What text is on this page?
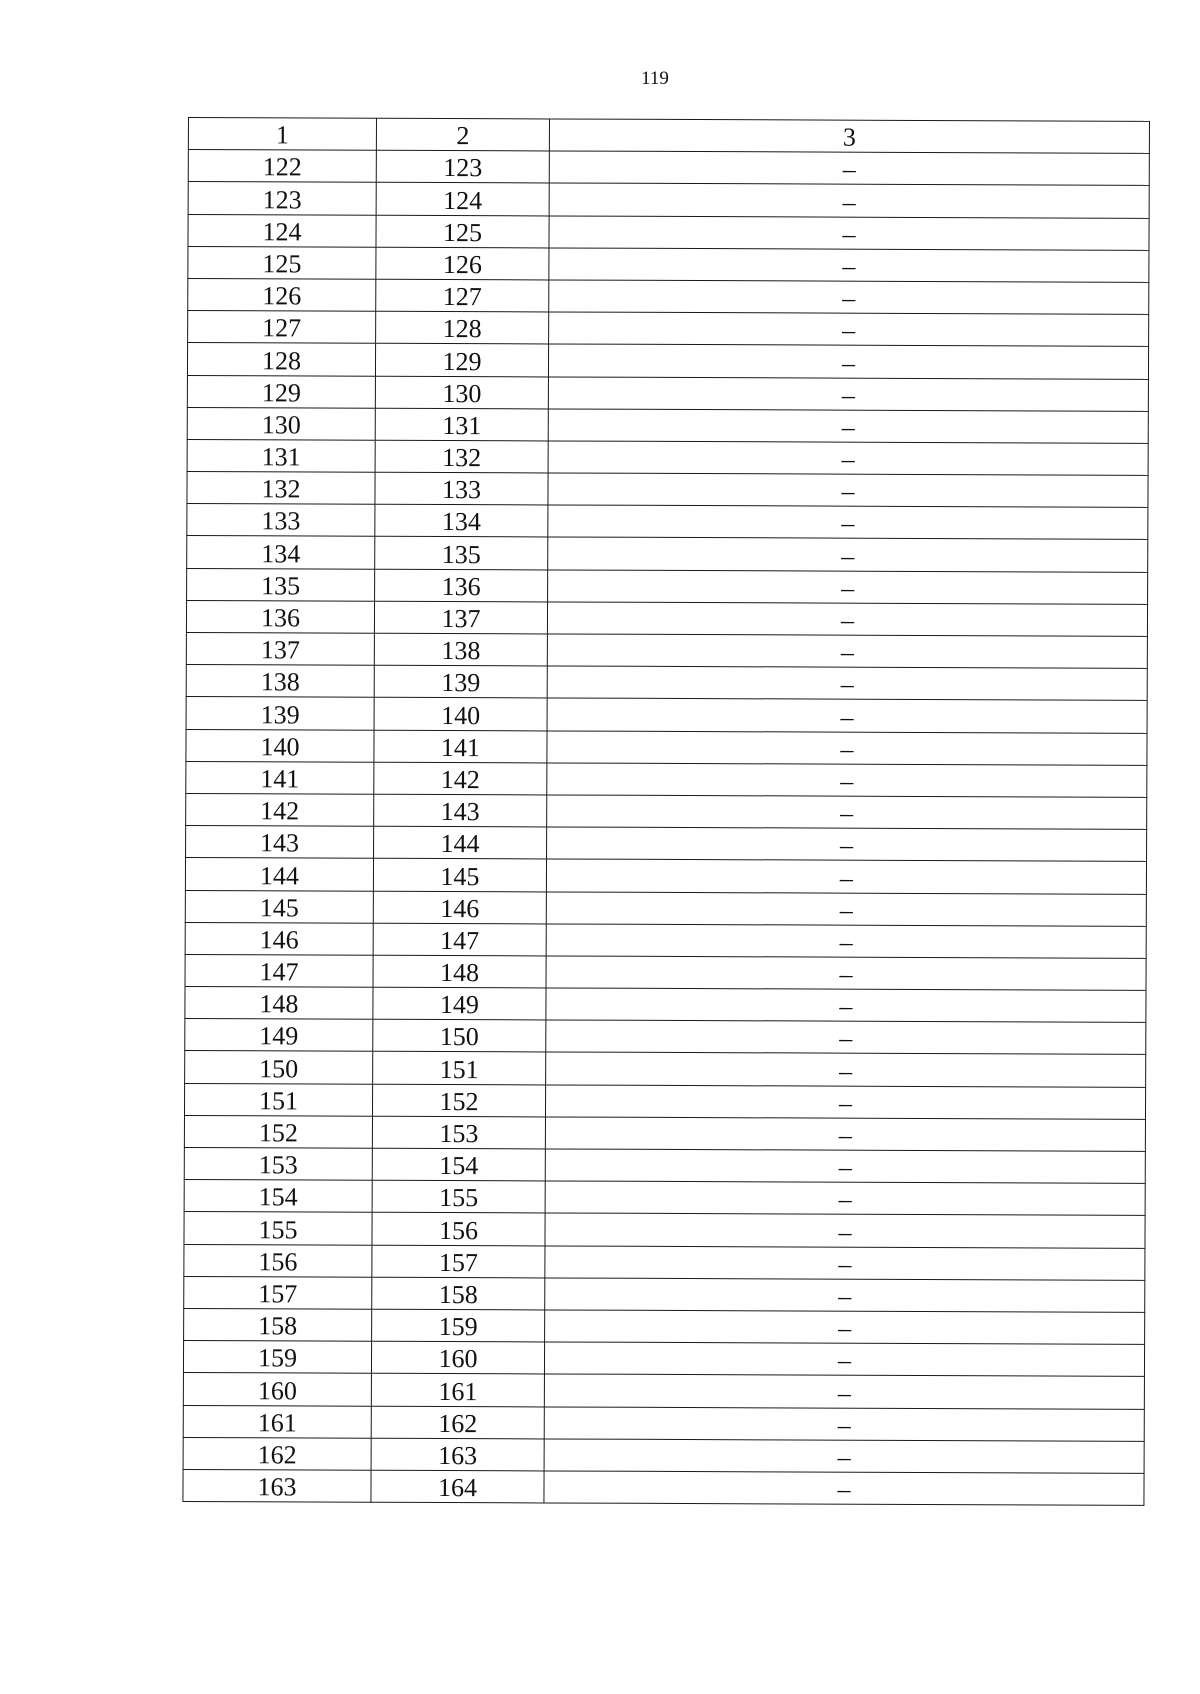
119
1	2	3
122	123	–
123	124	–
124	125	–
125	126	–
126	127	–
127	128	–
128	129	–
129	130	–
130	131	–
131	132	–
132	133	–
133	134	–
134	135	–
135	136	–
136	137	–
137	138	–
138	139	–
139	140	–
140	141	–
141	142	–
142	143	–
143	144	–
144	145	–
145	146	–
146	147	–
147	148	–
148	149	–
149	150	–
150	151	–
151	152	–
152	153	–
153	154	–
154	155	–
155	156	–
156	157	–
157	158	–
158	159	–
159	160	–
160	161	–
161	162	–
162	163	–
163	164	–
